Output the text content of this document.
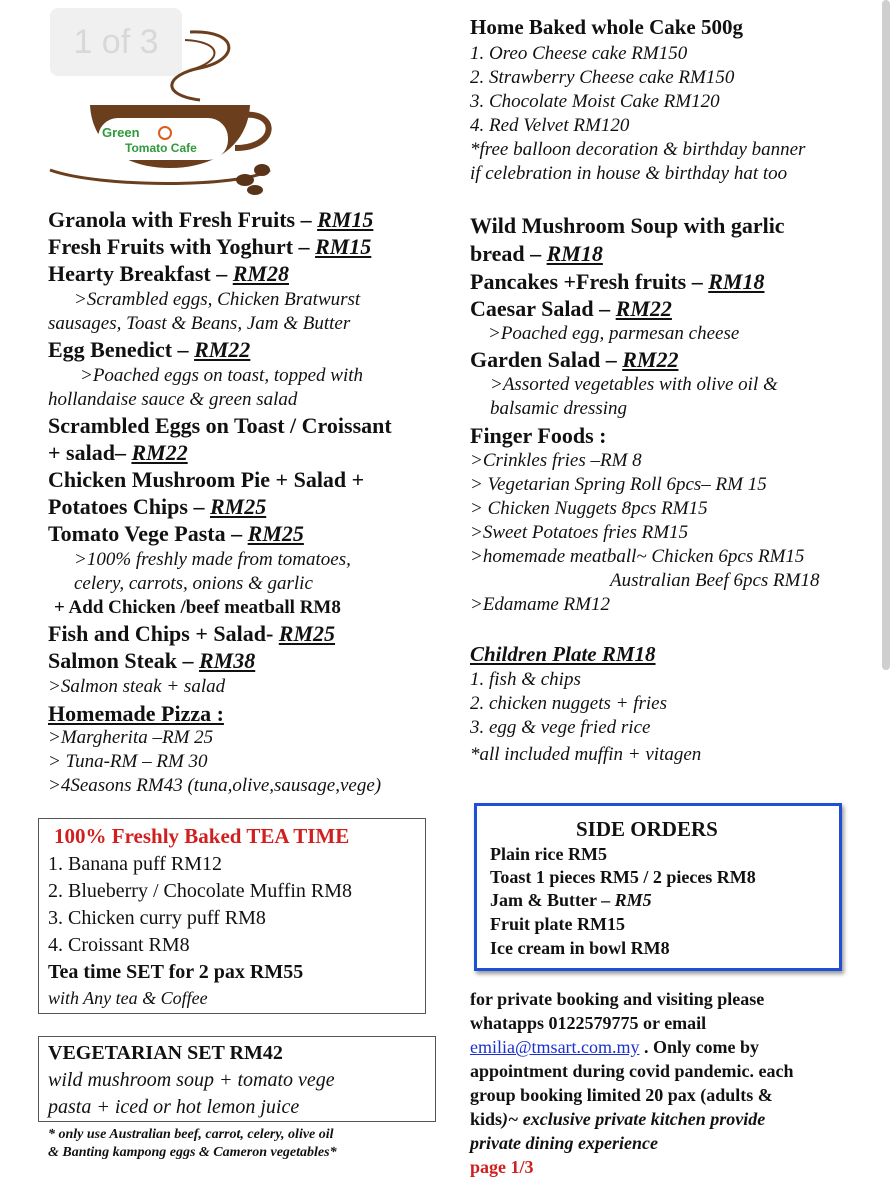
1 of 3
Green
Tomato Cafe
Granola with Fresh Fruits – RM15
Fresh Fruits with Yoghurt – RM15
Hearty Breakfast – RM28
>Scrambled eggs, Chicken Bratwurst
sausages, Toast & Beans, Jam & Butter
Egg Benedict – RM22
>Poached eggs on toast, topped with
hollandaise sauce & green salad
Scrambled Eggs on Toast / Croissant
+ salad– RM22
Chicken Mushroom Pie + Salad +
Potatoes Chips – RM25
Tomato Vege Pasta – RM25
>100% freshly made from tomatoes,
celery, carrots, onions & garlic
+ Add Chicken /beef meatball RM8
Fish and Chips + Salad- RM25
Salmon Steak – RM38
>Salmon steak + salad
Homemade Pizza :
>Margherita –RM 25
> Tuna-RM – RM 30
>4Seasons RM43 (tuna,olive,sausage,vege)
100% Freshly Baked TEA TIME
1. Banana puff RM12
2. Blueberry / Chocolate Muffin RM8
3. Chicken curry puff RM8
4. Croissant RM8
Tea time SET for 2 pax RM55
with Any tea & Coffee
VEGETARIAN SET RM42
wild mushroom soup + tomato vege
pasta + iced or hot lemon juice
* only use Australian beef, carrot, celery, olive oil
& Banting kampong eggs & Cameron vegetables*
Home Baked whole Cake 500g
1. Oreo Cheese cake RM150
2. Strawberry Cheese cake RM150
3. Chocolate Moist Cake RM120
4. Red Velvet RM120
*free balloon decoration & birthday banner
if celebration in house & birthday hat too
Wild Mushroom Soup with garlic
bread – RM18
Pancakes +Fresh fruits – RM18
Caesar Salad – RM22
>Poached egg, parmesan cheese
Garden Salad – RM22
>Assorted vegetables with olive oil &
balsamic dressing
Finger Foods :
>Crinkles fries –RM 8
> Vegetarian Spring Roll 6pcs– RM 15
> Chicken Nuggets 8pcs RM15
>Sweet Potatoes fries RM15
>homemade meatball~ Chicken 6pcs RM15
Australian Beef 6pcs RM18
>Edamame RM12
Children Plate RM18
1. fish & chips
2. chicken nuggets + fries
3. egg & vege fried rice
*all included muffin + vitagen
SIDE ORDERS
Plain rice RM5
Toast 1 pieces RM5 / 2 pieces RM8
Jam & Butter – RM5
Fruit plate RM15
Ice cream in bowl RM8
for private booking and visiting please
whatapps 0122579775 or email
emilia@tmsart.com.my . Only come by
appointment during covid pandemic. each
group booking limited 20 pax (adults &
kids)~ exclusive private kitchen provide
private dining experience
page 1/3
